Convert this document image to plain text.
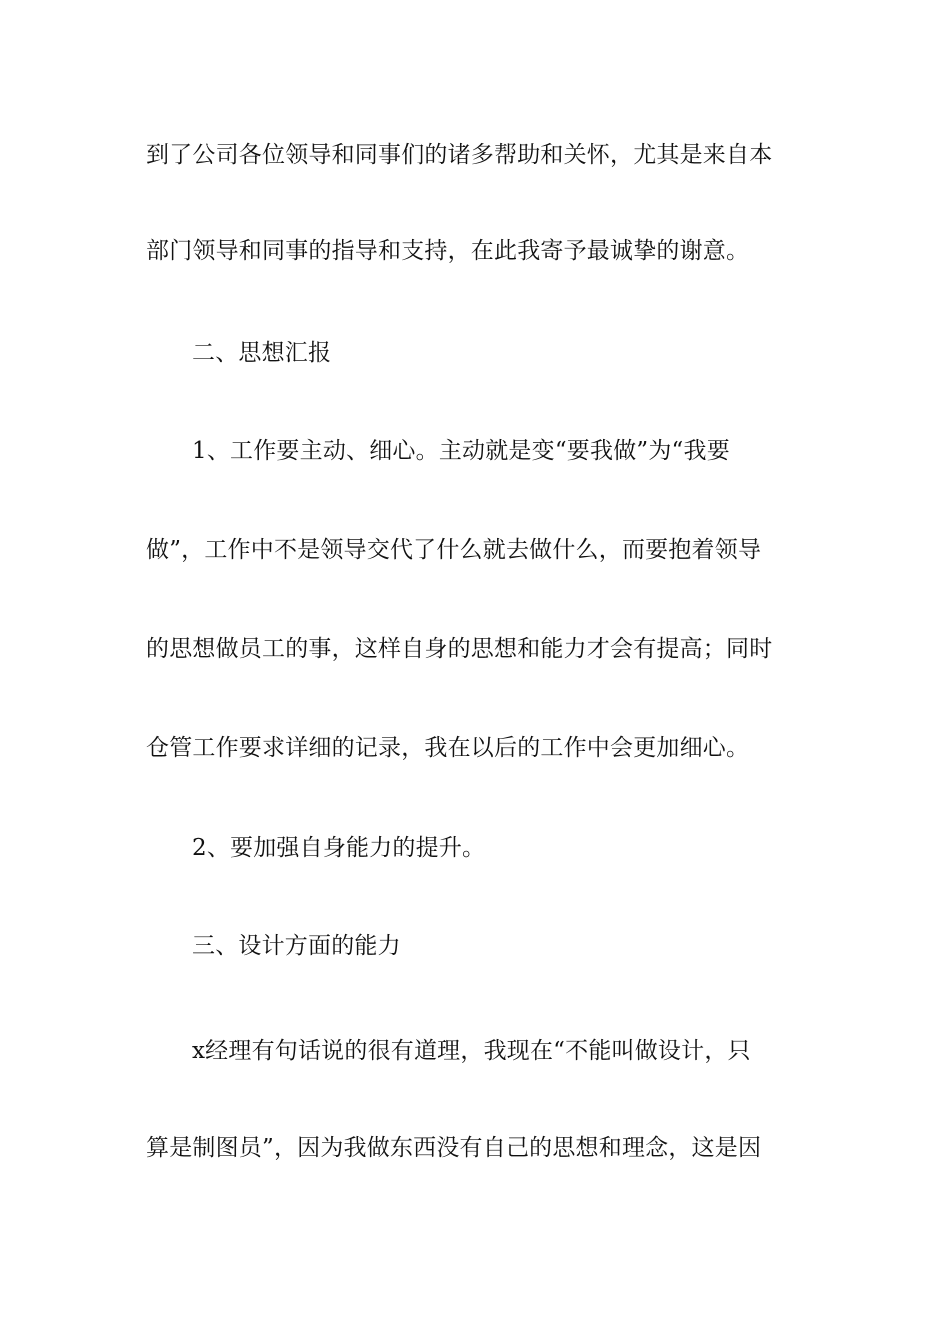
到了公司各位领导和同事们的诸多帮助和关怀，尤其是来自本
部门领导和同事的指导和支持，在此我寄予最诚挚的谢意。
二、思想汇报
1、工作要主动、细心。主动就是变“要我做”为“我要
做”，工作中不是领导交代了什么就去做什么，而要抱着领导
的思想做员工的事，这样自身的思想和能力才会有提高；同时
仓管工作要求详细的记录，我在以后的工作中会更加细心。
2、要加强自身能力的提升。
三、设计方面的能力
x经理有句话说的很有道理，我现在“不能叫做设计，只
算是制图员”，因为我做东西没有自己的思想和理念，这是因
